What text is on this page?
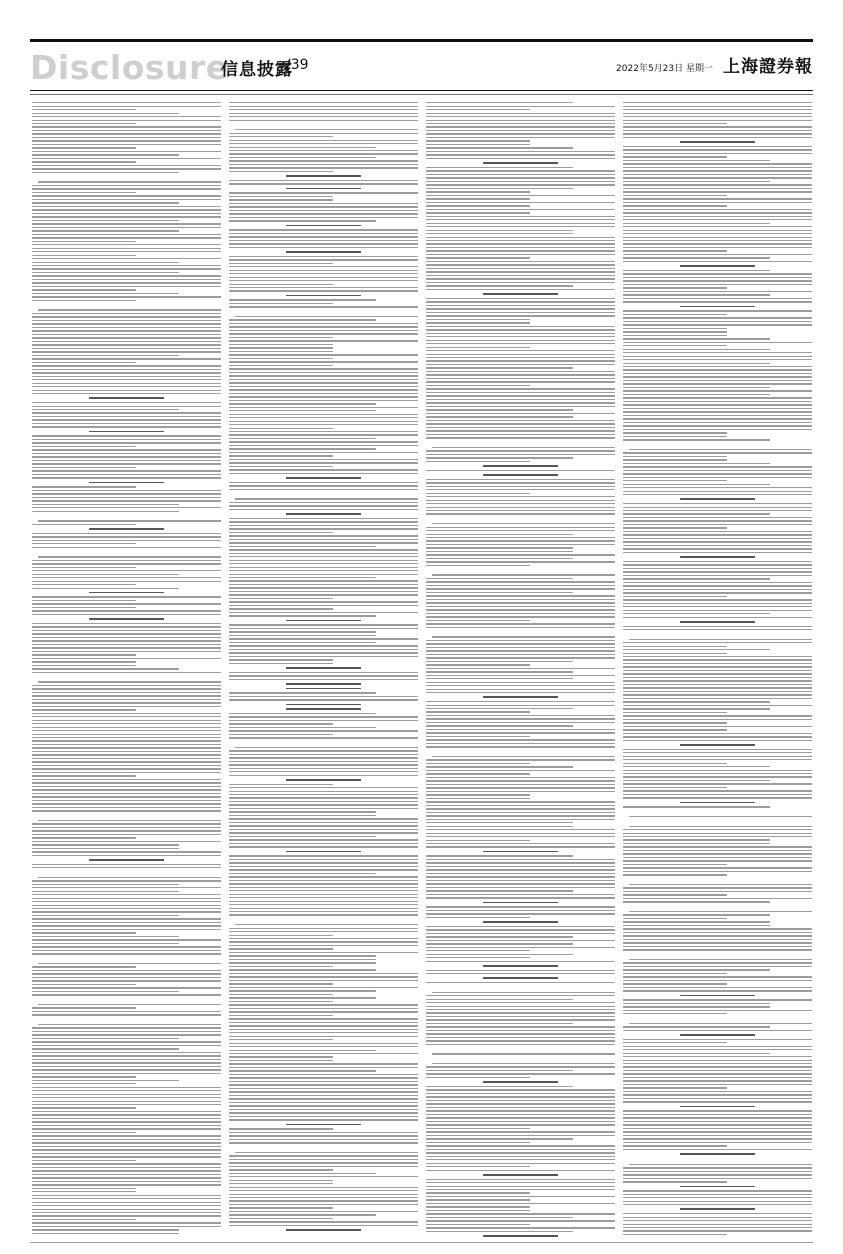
Disclosure
信息披露
/39	2022年5月23日 星期一 上海證券報
